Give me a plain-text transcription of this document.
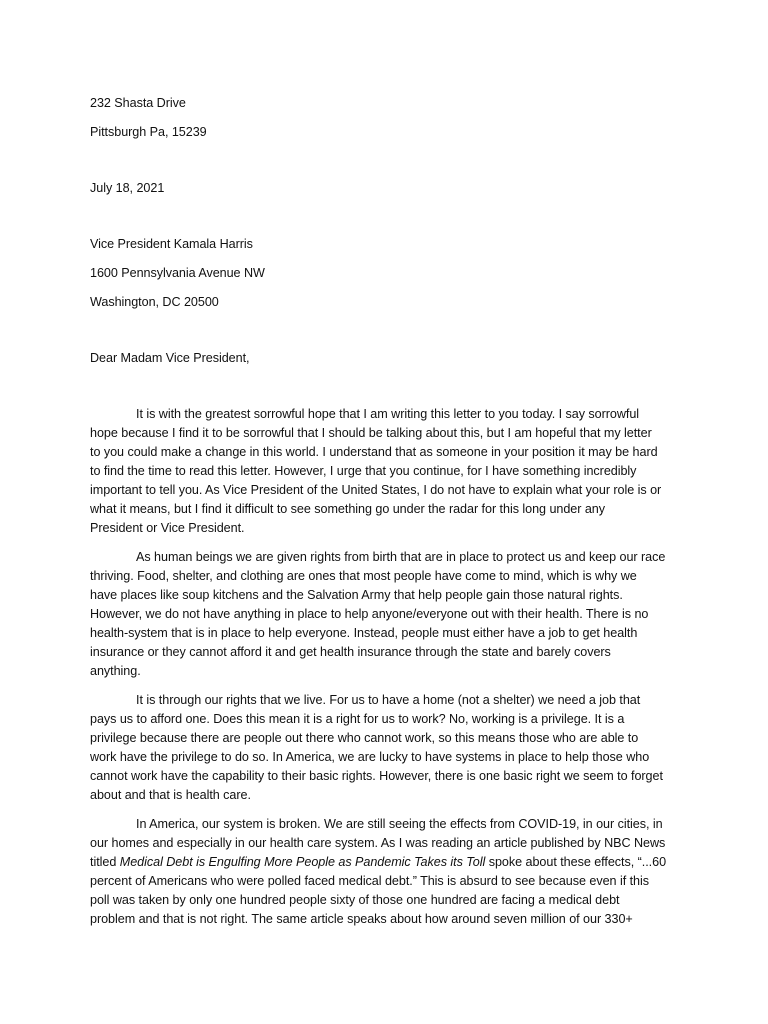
232 Shasta Drive

Pittsburgh Pa, 15239

July 18, 2021

Vice President Kamala Harris

1600 Pennsylvania Avenue NW

Washington, DC 20500

Dear Madam Vice President,

It is with the greatest sorrowful hope that I am writing this letter to you today. I say sorrowful

hope because I find it to be sorrowful that I should be talking about this, but I am hopeful that my letter

to you could make a change in this world. I understand that as someone in your position it may be hard

to find the time to read this letter. However, I urge that you continue, for I have something incredibly

important to tell you. As Vice President of the United States, I do not have to explain what your role is or

what it means, but I find it difficult to see something go under the radar for this long under any

President or Vice President.

As human beings we are given rights from birth that are in place to protect us and keep our race

thriving. Food, shelter, and clothing are ones that most people have come to mind, which is why we

have places like soup kitchens and the Salvation Army that help people gain those natural rights.

However, we do not have anything in place to help anyone/everyone out with their health. There is no

health-system that is in place to help everyone. Instead, people must either have a job to get health

insurance or they cannot afford it and get health insurance through the state and barely covers

anything.

It is through our rights that we live. For us to have a home (not a shelter) we need a job that

pays us to afford one. Does this mean it is a right for us to work? No, working is a privilege. It is a

privilege because there are people out there who cannot work, so this means those who are able to

work have the privilege to do so. In America, we are lucky to have systems in place to help those who

cannot work have the capability to their basic rights. However, there is one basic right we seem to forget

about and that is health care.

In America, our system is broken. We are still seeing the effects from COVID-19, in our cities, in

our homes and especially in our health care system. As I was reading an article published by NBC News

titled Medical Debt is Engulfing More People as Pandemic Takes its Toll spoke about these effects, “...60

percent of Americans who were polled faced medical debt.” This is absurd to see because even if this

poll was taken by only one hundred people sixty of those one hundred are facing a medical debt

problem and that is not right. The same article speaks about how around seven million of our 330+
